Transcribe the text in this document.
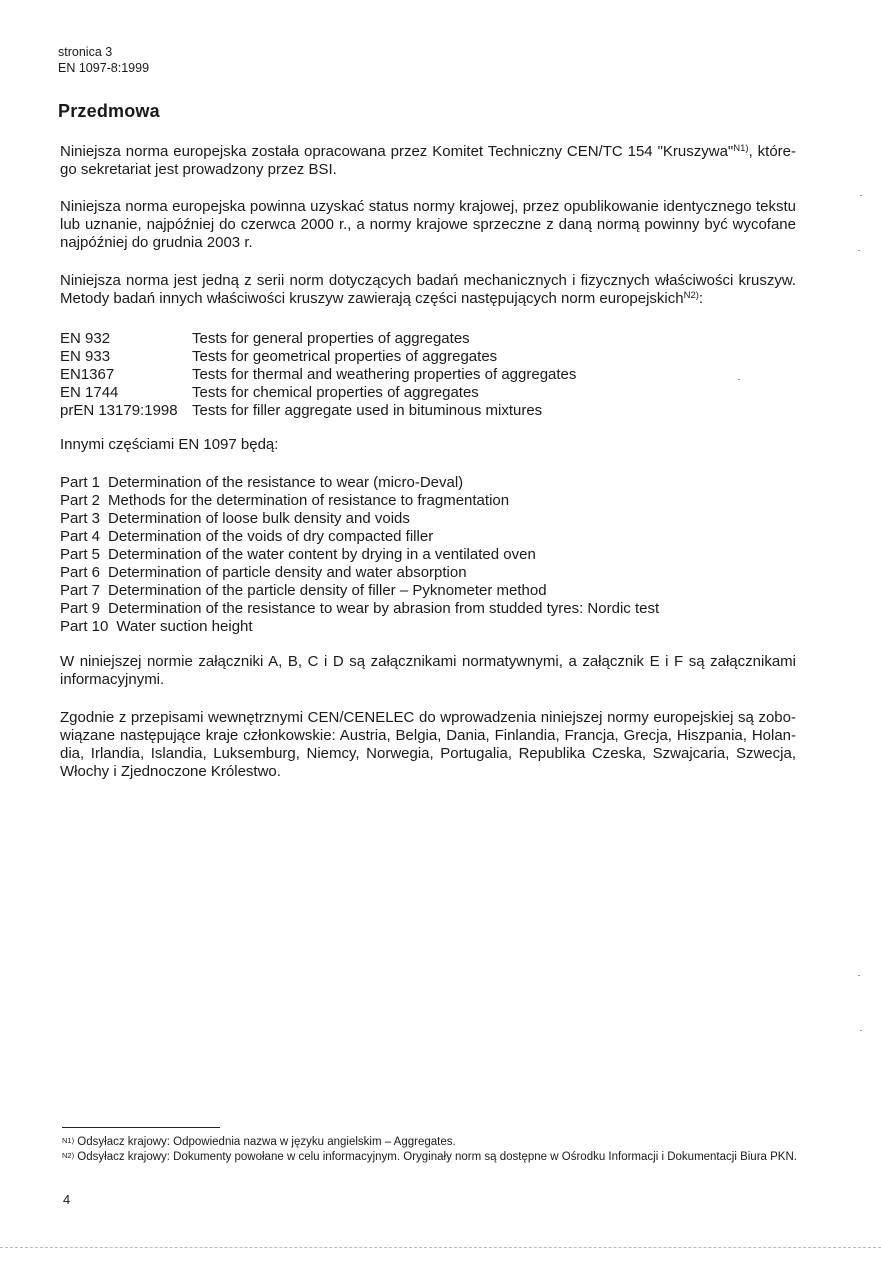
stronica 3
EN 1097-8:1999
Przedmowa
Niniejsza norma europejska została opracowana przez Komitet Techniczny CEN/TC 154 "Kruszywa"$^{N1)}$, które-go sekretariat jest prowadzony przez BSI.
Niniejsza norma europejska powinna uzyskać status normy krajowej, przez opublikowanie identycznego tekstu lub uznanie, najpóźniej do czerwca 2000 r., a normy krajowe sprzeczne z daną normą powinny być wycofane najpóźniej do grudnia 2003 r.
Niniejsza norma jest jedną z serii norm dotyczących badań mechanicznych i fizycznych właściwości kruszyw. Metody badań innych właściwości kruszyw zawierają części następujących norm europejskich$^{N2)}$:
EN 932	Tests for general properties of aggregates
EN 933	Tests for geometrical properties of aggregates
EN1367	Tests for thermal and weathering properties of aggregates
EN 1744	Tests for chemical properties of aggregates
prEN 13179:1998 Tests for filler aggregate used in bituminous mixtures
Innymi częściami EN 1097 będą:
Part 1 Determination of the resistance to wear (micro-Deval)
Part 2 Methods for the determination of resistance to fragmentation
Part 3 Determination of loose bulk density and voids
Part 4 Determination of the voids of dry compacted filler
Part 5 Determination of the water content by drying in a ventilated oven
Part 6 Determination of particle density and water absorption
Part 7 Determination of the particle density of filler – Pyknometer method
Part 9 Determination of the resistance to wear by abrasion from studded tyres: Nordic test
Part 10 Water suction height
W niniejszej normie załączniki A, B, C i D są załącznikami normatywnymi, a załącznik E i F są załącznikami informacyjnymi.
Zgodnie z przepisami wewnętrznymi CEN/CENELEC do wprowadzenia niniejszej normy europejskiej są zobo-wiązane następujące kraje członkowskie: Austria, Belgia, Dania, Finlandia, Francja, Grecja, Hiszpania, Holan-dia, Irlandia, Islandia, Luksemburg, Niemcy, Norwegia, Portugalia, Republika Czeska, Szwajcaria, Szwecja, Włochy i Zjednoczone Królestwo.
$^{N1)}$ Odsyłacz krajowy: Odpowiednia nazwa w języku angielskim – Aggregates.
$^{N2)}$ Odsyłacz krajowy: Dokumenty powołane w celu informacyjnym. Oryginały norm są dostępne w Ośrodku Informacji i Dokumentacji Biura PKN.
4
